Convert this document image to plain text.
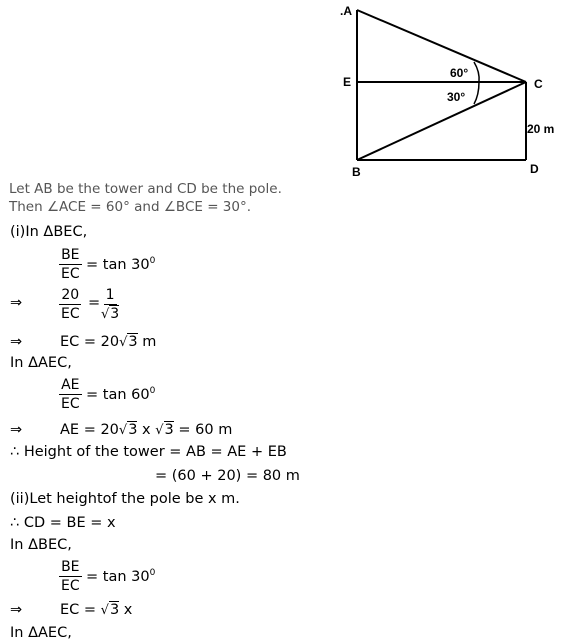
.A
E	C
B	D
60°
30°
20 m
Let AB be the tower and CD be the pole.
Then ∠ACE = 60° and ∠BCE = 30°.
(i)In ΔBEC,
$\frac{BE}{EC} = \tan 30^0$
⇒	$\frac{20}{EC}$ =
$\frac{1}{√3}$
⇒	EC = 20√3 m
In ΔAEC,
$\frac{AE}{EC} = \tan 60^0$
⇒	AE = 20√3 x √3 = 60 m
∴ Height of the tower = AB = AE + EB
= (60 + 20) = 80 m
(ii)Let heightof the pole be x m.
∴ CD = BE = x
In ΔBEC,
$\frac{BE}{EC} = \tan 30^0$
⇒	EC = √3 x
In ΔAEC,
